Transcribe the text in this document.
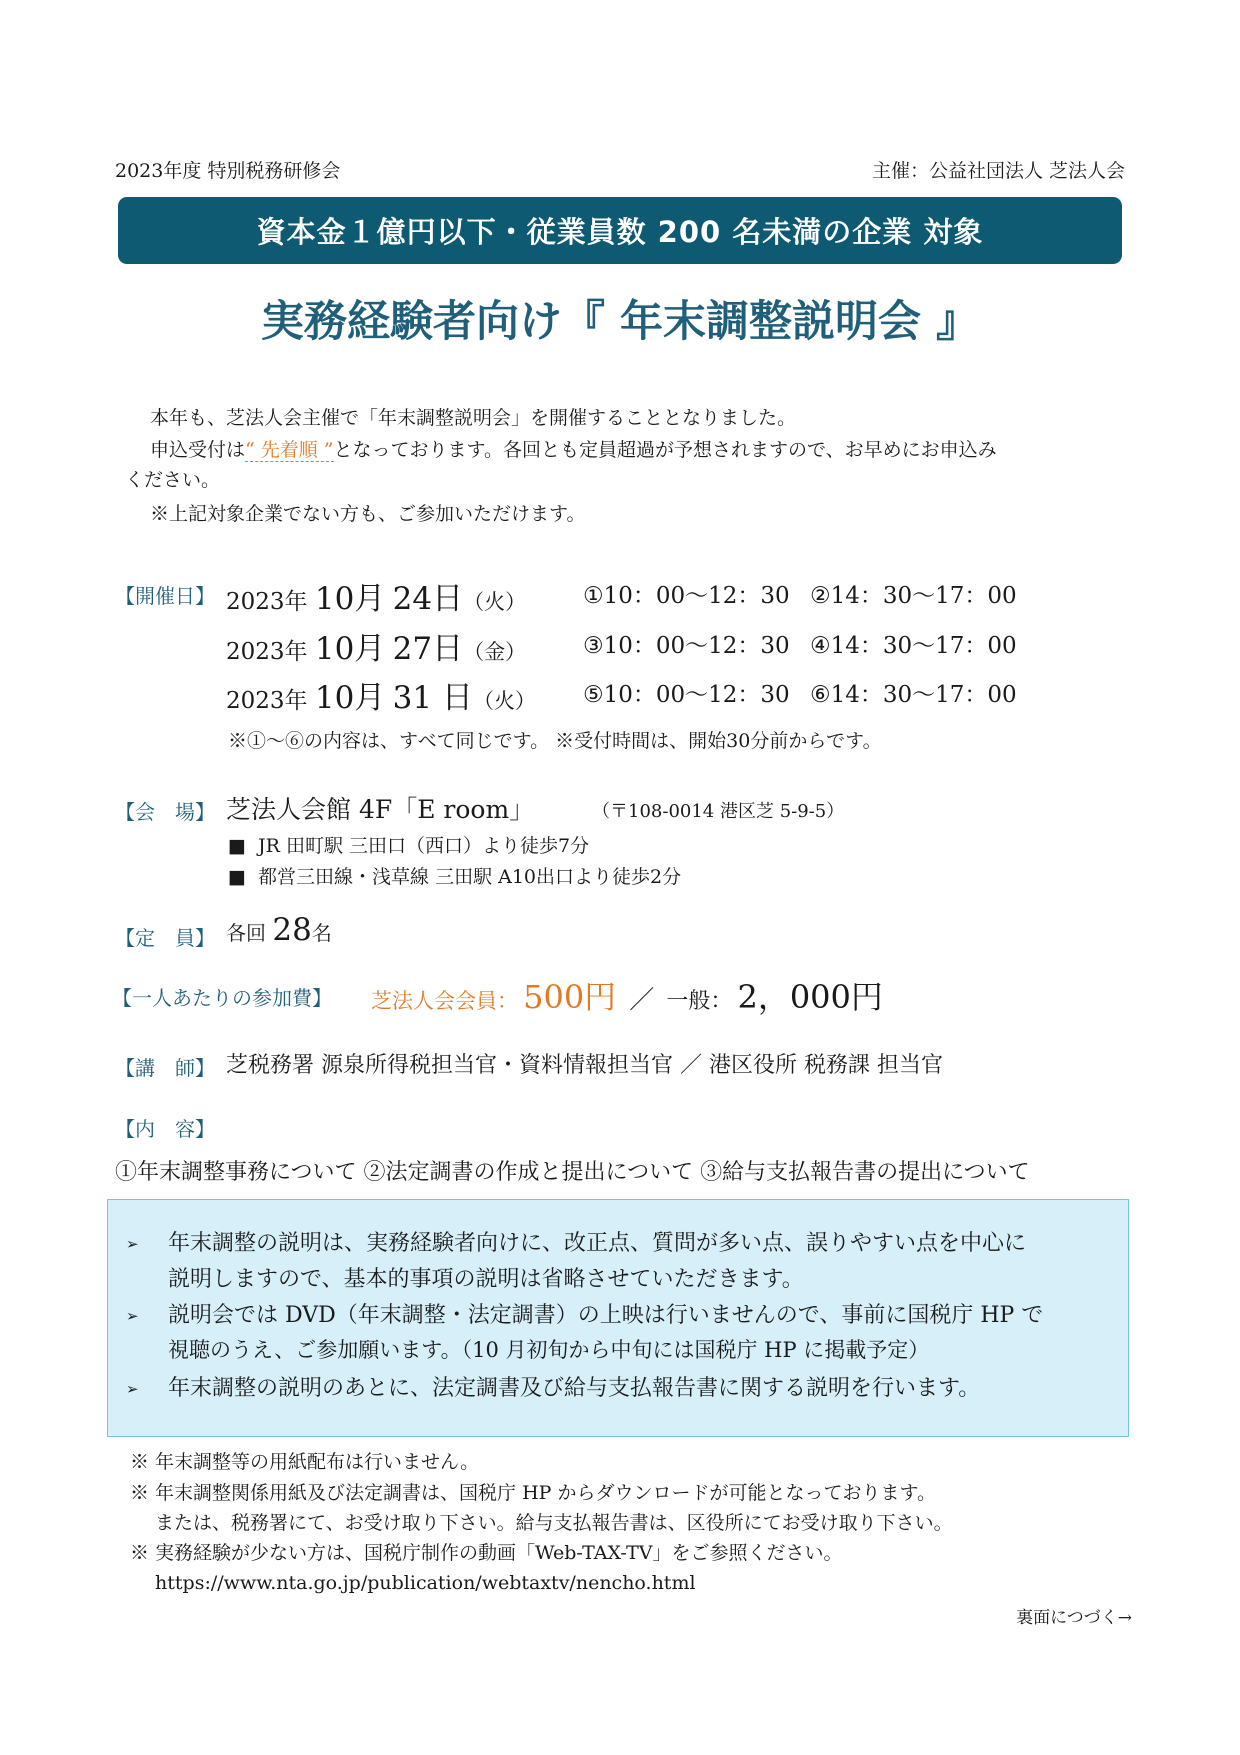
2023年度 特別税務研修会	主催：公益社団法人 芝法人会
資本金１億円以下・従業員数 200 名未満の企業 対象
実務経験者向け『 年末調整説明会 』
本年も、芝法人会主催で「年末調整説明会」を開催することとなりました。
申込受付は“ 先着順 ”となっております。各回とも定員超過が予想されますので、お早めにお申込み
ください。
※上記対象企業でない方も、ご参加いただけます。
【開催日】 2023年 10月 24日（火） ①10：00～12：30 ②14：30～17：00
2023年 10月 27日（金） ③10：00～12：30 ④14：30～17：00
2023年 10月 31 日（火） ⑤10：00～12：30 ⑥14：30～17：00
※①～⑥の内容は、すべて同じです。 ※受付時間は、開始30分前からです。
【会　場】 芝法人会館 4F「E room」	（〒108-0014 港区芝 5-9-5）
■ JR 田町駅 三田口（西口）より徒歩7分
■ 都営三田線・浅草線 三田駅 A10出口より徒歩2分
【定　員】 各回 28名
【一人あたりの参加費】 芝法人会会員： 500円 ／ 一般： 2，000円
【講　師】 芝税務署 源泉所得税担当官・資料情報担当官 ／ 港区役所 税務課 担当官
【内　容】
①年末調整事務について ②法定調書の作成と提出について ③給与支払報告書の提出について
➢ 年末調整の説明は、実務経験者向けに、改正点、質問が多い点、誤りやすい点を中心に
説明しますので、基本的事項の説明は省略させていただきます。
➢ 説明会では DVD（年末調整・法定調書）の上映は行いませんので、事前に国税庁 HP で
視聴のうえ、ご参加願います。（10 月初旬から中旬には国税庁 HP に掲載予定）
➢ 年末調整の説明のあとに、法定調書及び給与支払報告書に関する説明を行います。
※ 年末調整等の用紙配布は行いません。
※ 年末調整関係用紙及び法定調書は、国税庁 HP からダウンロードが可能となっております。
　 または、税務署にて、お受け取り下さい。給与支払報告書は、区役所にてお受け取り下さい。
※ 実務経験が少ない方は、国税庁制作の動画「Web-TAX-TV」をご参照ください。
　 https://www.nta.go.jp/publication/webtaxtv/nencho.html
裏面につづく→
